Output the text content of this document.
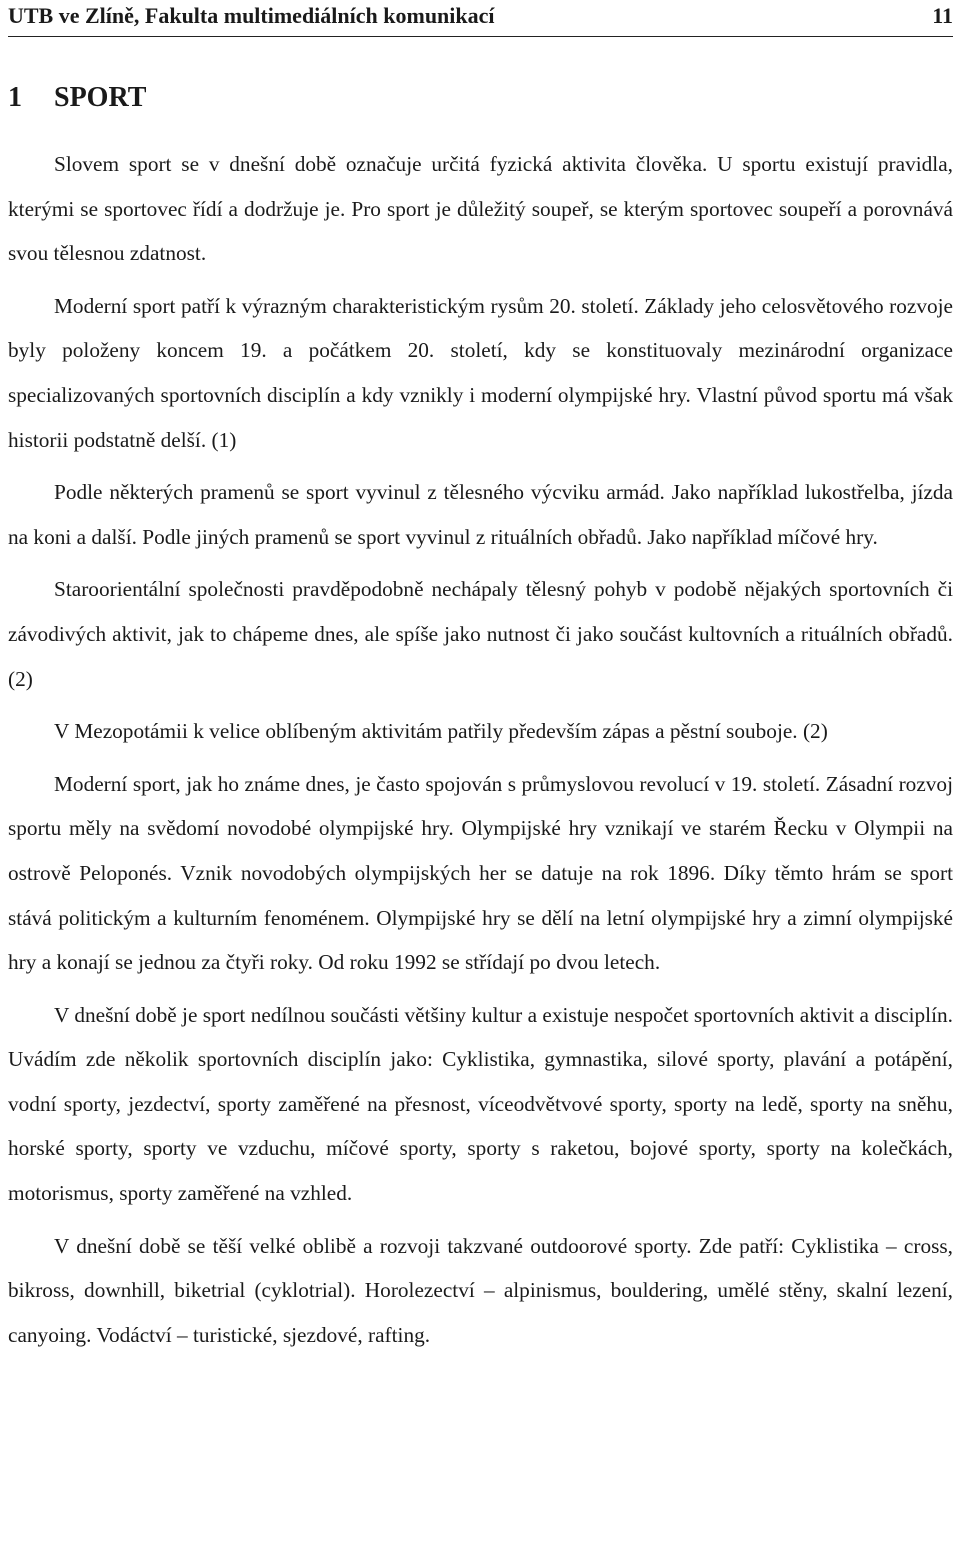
UTB ve Zlíně, Fakulta multimediálních komunikací	11
1 SPORT

Slovem sport se v dnešní době označuje určitá fyzická aktivita člověka. U sportu existují pravidla, kterými se sportovec řídí a dodržuje je. Pro sport je důležitý soupeř, se kterým sportovec soupeří a porovnává svou tělesnou zdatnost.

Moderní sport patří k výrazným charakteristickým rysům 20. století. Základy jeho celosvětového rozvoje byly položeny koncem 19. a počátkem 20. století, kdy se konstituovaly mezinárodní organizace specializovaných sportovních disciplín a kdy vznikly i moderní olympijské hry. Vlastní původ sportu má však historii podstatně delší. (1)

Podle některých pramenů se sport vyvinul z tělesného výcviku armád. Jako například lukostřelba, jízda na koni a další. Podle jiných pramenů se sport vyvinul z rituálních obřadů. Jako například míčové hry.

Staroorientální společnosti pravděpodobně nechápaly tělesný pohyb v podobě nějakých sportovních či závodivých aktivit, jak to chápeme dnes, ale spíše jako nutnost či jako součást kultovních a rituálních obřadů. (2)

V Mezopotámii k velice oblíbeným aktivitám patřily především zápas a pěstní souboje. (2)

Moderní sport, jak ho známe dnes, je často spojován s průmyslovou revolucí v 19. století. Zásadní rozvoj sportu měly na svědomí novodobé olympijské hry. Olympijské hry vznikají ve starém Řecku v Olympii na ostrově Peloponés. Vznik novodobých olympijských her se datuje na rok 1896. Díky těmto hrám se sport stává politickým a kulturním fenoménem. Olympijské hry se dělí na letní olympijské hry a zimní olympijské hry a konají se jednou za čtyři roky. Od roku 1992 se střídají po dvou letech.

V dnešní době je sport nedílnou součásti většiny kultur a existuje nespočet sportovních aktivit a disciplín. Uvádím zde několik sportovních disciplín jako: Cyklistika, gymnastika, silové sporty, plavání a potápění, vodní sporty, jezdectví, sporty zaměřené na přesnost, víceodvětvové sporty, sporty na ledě, sporty na sněhu, horské sporty, sporty ve vzduchu, míčové sporty, sporty s raketou, bojové sporty, sporty na kolečkách, motorismus, sporty zaměřené na vzhled.

V dnešní době se těší velké oblibě a rozvoji takzvané outdoorové sporty. Zde patří: Cyklistika – cross, bikross, downhill, biketrial (cyklotrial). Horolezectví – alpinismus, bouldering, umělé stěny, skalní lezení, canyoing. Vodáctví – turistické, sjezdové, rafting.
